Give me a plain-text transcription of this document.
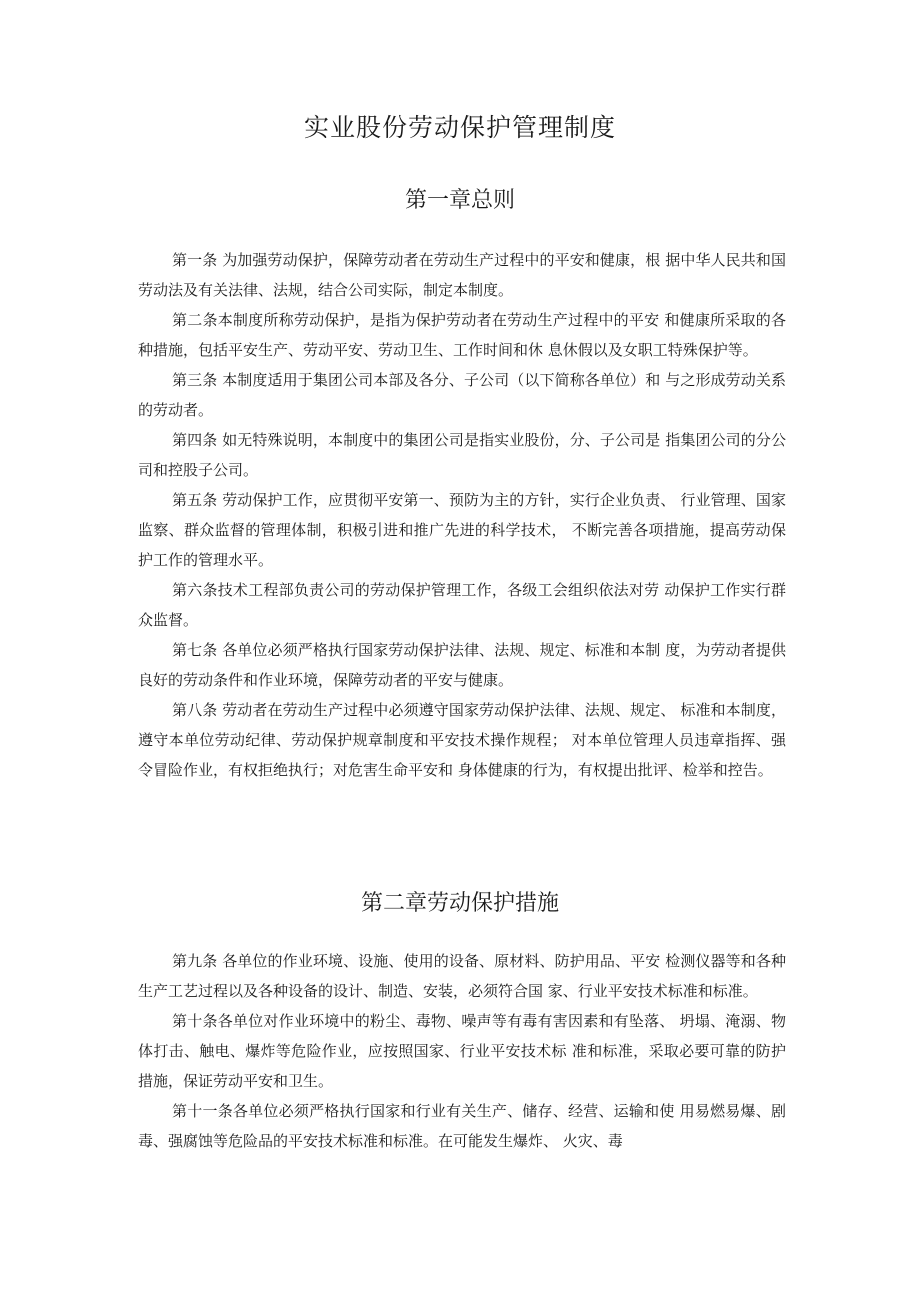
实业股份劳动保护管理制度
第一章总则

第一条 为加强劳动保护，保障劳动者在劳动生产过程中的平安和健康，根 据中华人民共和国劳动法及有关法律、法规，结合公司实际，制定本制度。

第二条本制度所称劳动保护，是指为保护劳动者在劳动生产过程中的平安 和健康所采取的各种措施，包括平安生产、劳动平安、劳动卫生、工作时间和休 息休假以及女职工特殊保护等。

第三条 本制度适用于集团公司本部及各分、子公司（以下简称各单位）和 与之形成劳动关系的劳动者。

第四条 如无特殊说明，本制度中的集团公司是指实业股份，分、子公司是 指集团公司的分公司和控股子公司。

第五条 劳动保护工作，应贯彻平安第一、预防为主的方针，实行企业负责、 行业管理、国家监察、群众监督的管理体制，积极引进和推广先进的科学技术， 不断完善各项措施，提高劳动保护工作的管理水平。

第六条技术工程部负责公司的劳动保护管理工作，各级工会组织依法对劳 动保护工作实行群众监督。

第七条 各单位必须严格执行国家劳动保护法律、法规、规定、标准和本制 度，为劳动者提供良好的劳动条件和作业环境，保障劳动者的平安与健康。

第八条 劳动者在劳动生产过程中必须遵守国家劳动保护法律、法规、规定、 标准和本制度，遵守本单位劳动纪律、劳动保护规章制度和平安技术操作规程； 对本单位管理人员违章指挥、强令冒险作业，有权拒绝执行；对危害生命平安和 身体健康的行为，有权提出批评、检举和控告。

第二章劳动保护措施

第九条 各单位的作业环境、设施、使用的设备、原材料、防护用品、平安 检测仪器等和各种生产工艺过程以及各种设备的设计、制造、安装，必须符合国 家、行业平安技术标准和标准。

第十条各单位对作业环境中的粉尘、毒物、噪声等有毒有害因素和有坠落、 坍塌、淹溺、物体打击、触电、爆炸等危险作业，应按照国家、行业平安技术标 准和标准，采取必要可靠的防护措施，保证劳动平安和卫生。

第十一条各单位必须严格执行国家和行业有关生产、储存、经营、运输和使 用易燃易爆、剧毒、强腐蚀等危险品的平安技术标准和标准。在可能发生爆炸、 火灾、毒
